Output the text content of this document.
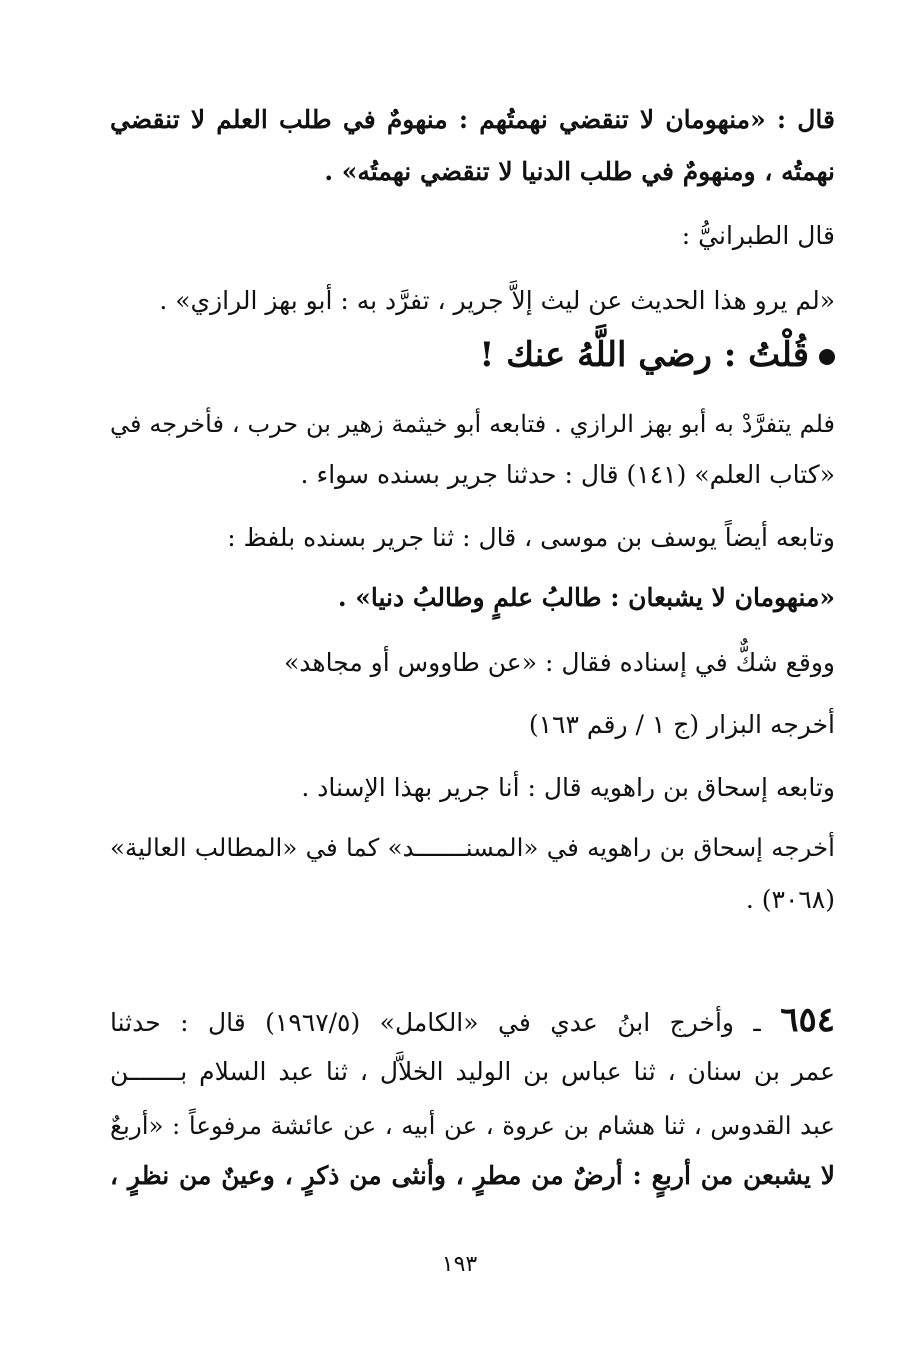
قال : «منهومان لا تنقضي نهمتُهم : منهومٌ في طلب العلم لا تنقضي
نهمتُه ، ومنهومٌ في طلب الدنيا لا تنقضي نهمتُه» .
قال الطبرانيُّ :
«لم يرو هذا الحديث عن ليث إلاَّ جرير ، تفرَّد به : أبو بهز الرازي» .
قُلْتُ : رضي اللَّهُ عنك !
فلم يتفرَّدْ به أبو بهز الرازي . فتابعه أبو خيثمة زهير بن حرب ، فأخرجه في
«كتاب العلم» (١٤١) قال : حدثنا جرير بسنده سواء .
وتابعه أيضاً يوسف بن موسى ، قال : ثنا جرير بسنده بلفظ :
«منهومان لا يشبعان : طالبُ علمٍ وطالبُ دنيا» .
ووقع شكٌّ في إسناده فقال : «عن طاووس أو مجاهد»
أخرجه البزار (ج ١ / رقم ١٦٣)
وتابعه إسحاق بن راهويه قال : أنا جرير بهذا الإسناد .
أخرجه إسحاق بن راهويه في «المسنـــــــد» كما في «المطالب العالية»
(٣٠٦٨) .
٦٥٤ ـ وأخرج ابنُ عدي في «الكامل» (١٩٦٧/٥) قال : حدثنا
عمر بن سنان ، ثنا عباس بن الوليد الخلاَّل ، ثنا عبد السلام بـــــــن
عبد القدوس ، ثنا هشام بن عروة ، عن أبيه ، عن عائشة مرفوعاً : «أربعٌ
لا يشبعن من أربعٍ : أرضٌ من مطرٍ ، وأنثى من ذكرٍ ، وعينٌ من نظرٍ ،
١٩٣
